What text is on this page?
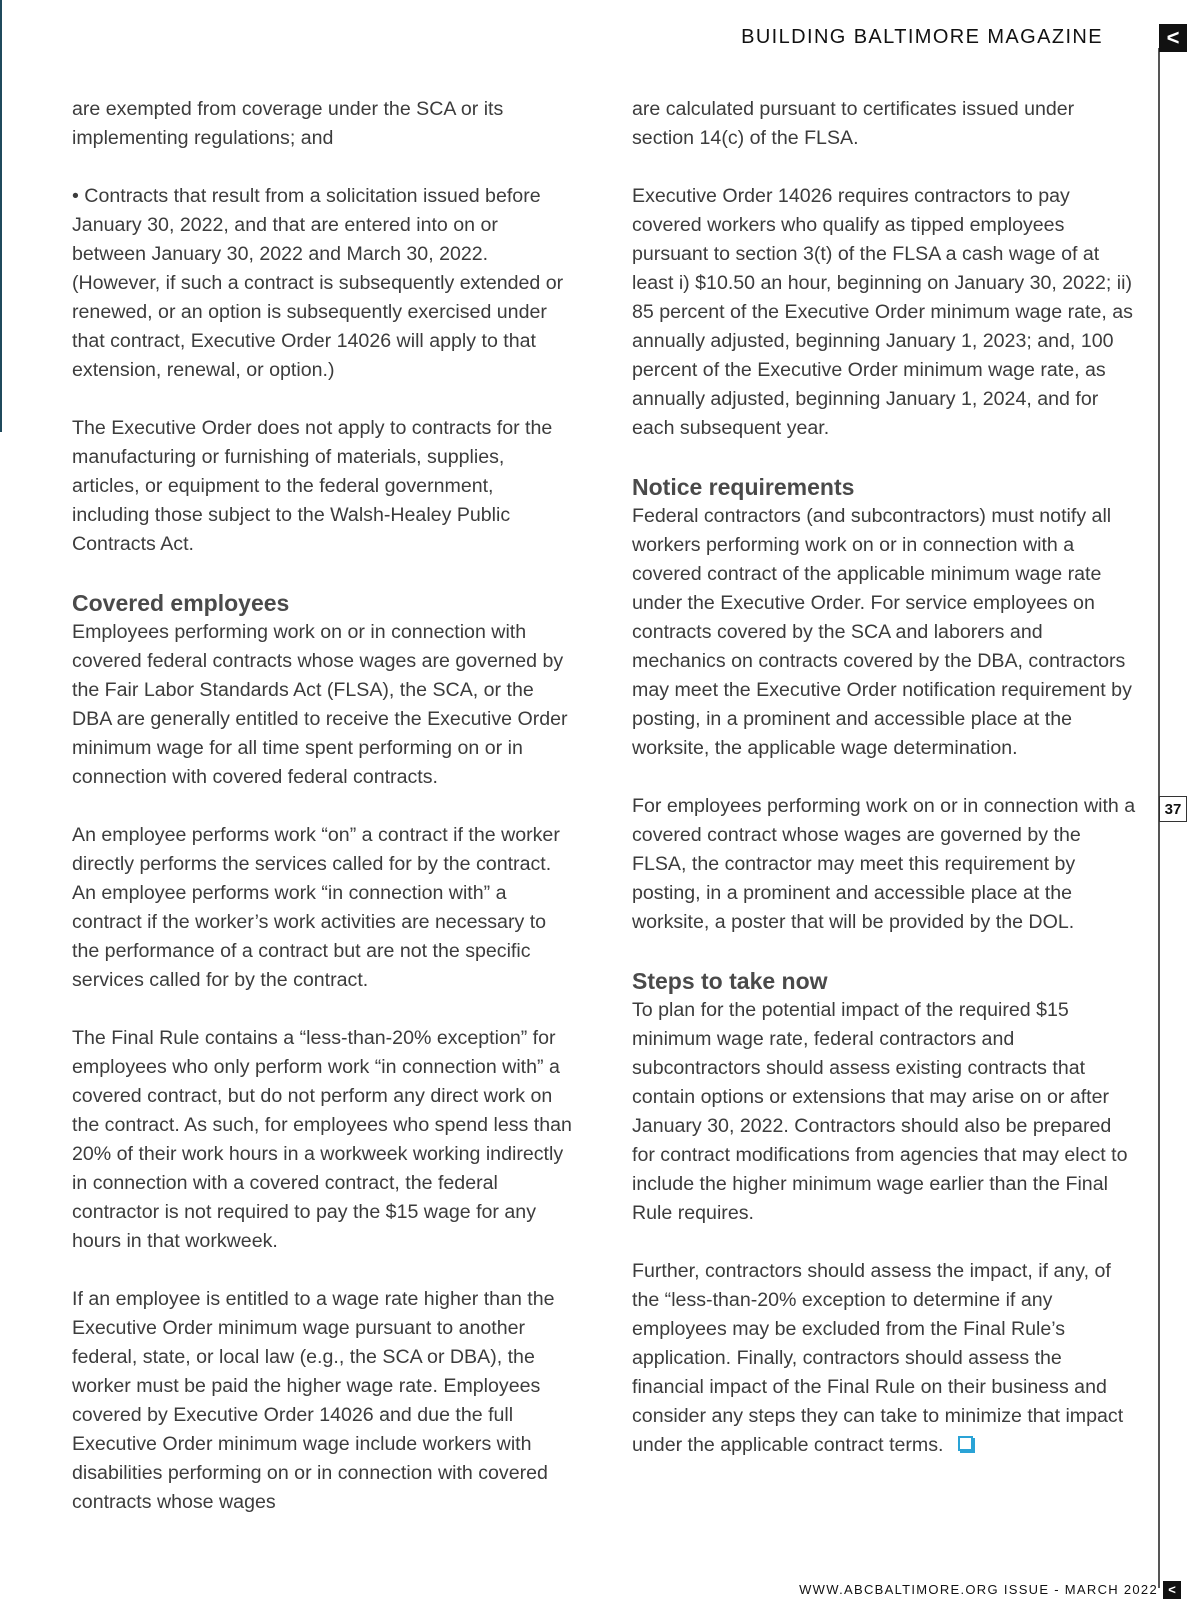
BUILDING BALTIMORE MAGAZINE	<
37

are exempted from coverage under the SCA or its implementing regulations; and

• Contracts that result from a solicitation issued before January 30, 2022, and that are entered into on or between January 30, 2022 and March 30, 2022. (However, if such a contract is subsequently extended or renewed, or an option is subsequently exercised under that contract, Executive Order 14026 will apply to that extension, renewal, or option.)

The Executive Order does not apply to contracts for the manufacturing or furnishing of materials, supplies, articles, or equipment to the federal government, including those subject to the Walsh-Healey Public Contracts Act.

Covered employees

Employees performing work on or in connection with covered federal contracts whose wages are governed by the Fair Labor Standards Act (FLSA), the SCA, or the DBA are generally entitled to receive the Executive Order minimum wage for all time spent performing on or in connection with covered federal contracts.

An employee performs work “on” a contract if the worker directly performs the services called for by the contract. An employee performs work “in connection with” a contract if the worker’s work activities are necessary to the performance of a contract but are not the specific services called for by the contract.

The Final Rule contains a “less-than-20% exception” for employees who only perform work “in connection with” a covered contract, but do not perform any direct work on the contract. As such, for employees who spend less than 20% of their work hours in a workweek working indirectly in connection with a covered contract, the federal contractor is not required to pay the $15 wage for any hours in that workweek.

If an employee is entitled to a wage rate higher than the Executive Order minimum wage pursuant to another federal, state, or local law (e.g., the SCA or DBA), the worker must be paid the higher wage rate. Employees covered by Executive Order 14026 and due the full Executive Order minimum wage include workers with disabilities performing on or in connection with covered contracts whose wages

are calculated pursuant to certificates issued under section 14(c) of the FLSA.

Executive Order 14026 requires contractors to pay covered workers who qualify as tipped employees pursuant to section 3(t) of the FLSA a cash wage of at least i) $10.50 an hour, beginning on January 30, 2022; ii) 85 percent of the Executive Order minimum wage rate, as annually adjusted, beginning January 1, 2023; and, 100 percent of the Executive Order minimum wage rate, as annually adjusted, beginning January 1, 2024, and for each subsequent year.

Notice requirements

Federal contractors (and subcontractors) must notify all workers performing work on or in connection with a covered contract of the applicable minimum wage rate under the Executive Order. For service employees on contracts covered by the SCA and laborers and mechanics on contracts covered by the DBA, contractors may meet the Executive Order notification requirement by posting, in a prominent and accessible place at the worksite, the applicable wage determination.

For employees performing work on or in connection with a covered contract whose wages are governed by the FLSA, the contractor may meet this requirement by posting, in a prominent and accessible place at the worksite, a poster that will be provided by the DOL.

Steps to take now

To plan for the potential impact of the required $15 minimum wage rate, federal contractors and subcontractors should assess existing contracts that contain options or extensions that may arise on or after January 30, 2022. Contractors should also be prepared for contract modifications from agencies that may elect to include the higher minimum wage earlier than the Final Rule requires.

Further, contractors should assess the impact, if any, of the “less-than-20% exception to determine if any employees may be excluded from the Final Rule’s application. Finally, contractors should assess the financial impact of the Final Rule on their business and consider any steps they can take to minimize that impact under the applicable contract terms.

WWW.ABCBALTIMORE.ORG ISSUE - MARCH 2022 <
